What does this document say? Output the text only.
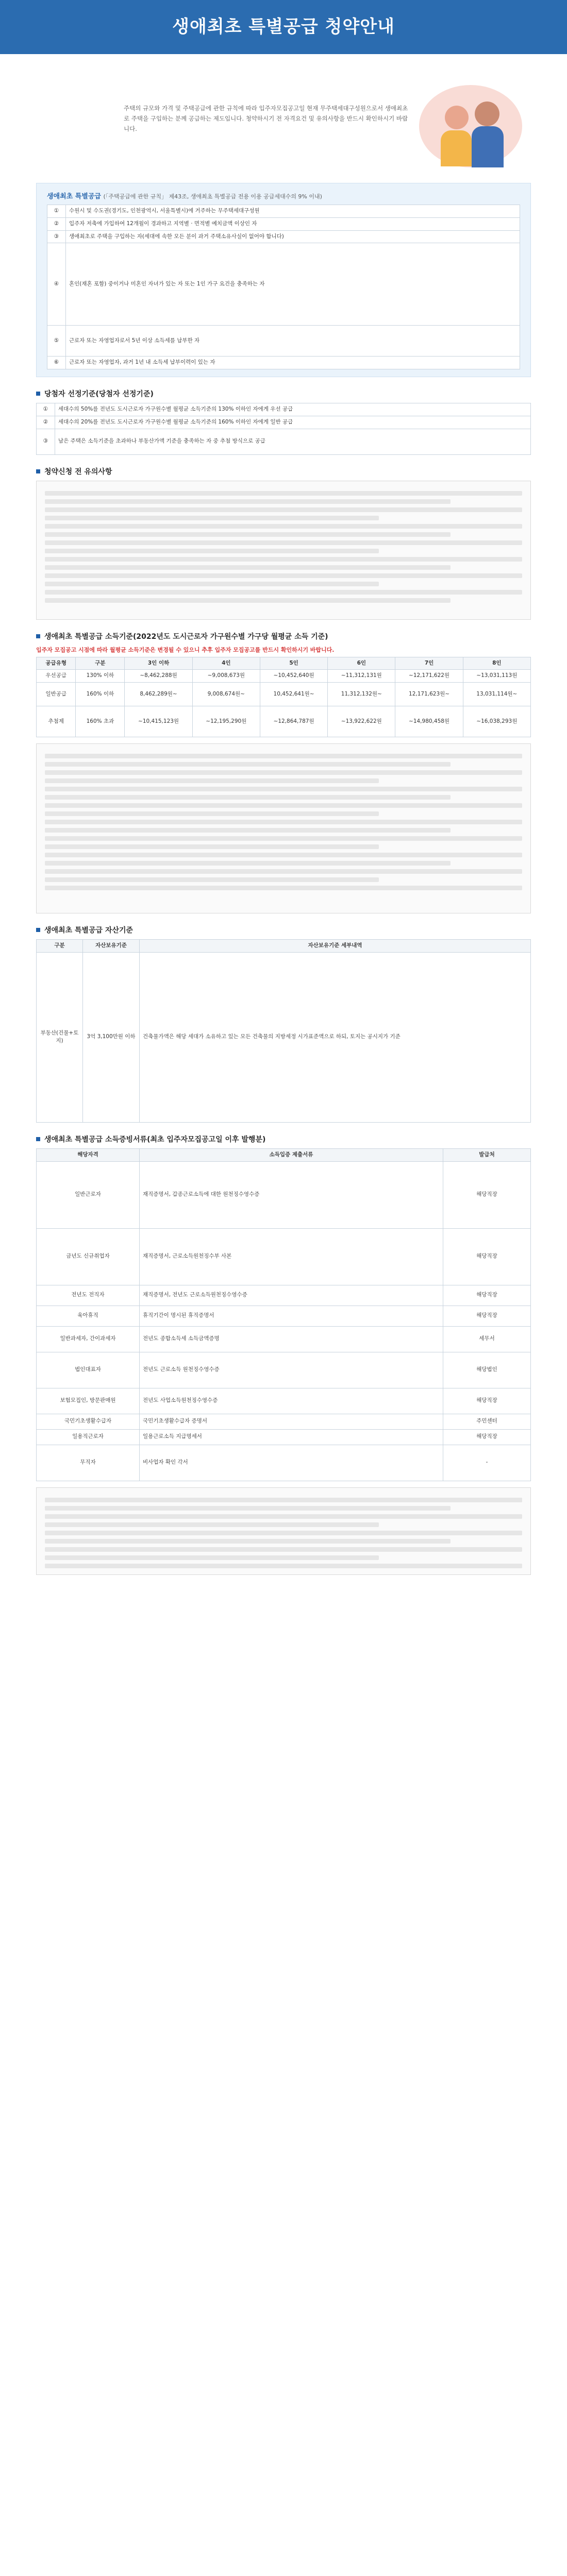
생애최초 특별공급 청약안내
주택의 규모와 가격 및 주택공급에 관한 규칙에 따라 입주자모집공고일 현재 무주택세대구성원으로서 생애최초로 주택을 구입하는 분께 공급하는 제도입니다. 청약하시기 전 자격요건 및 유의사항을 반드시 확인하시기 바랍니다.
생애최초 특별공급 (「주택공급에 관한 규칙」 제43조, 생애최초 특별공급 전용 이용 공급세대수의 9% 이내)
①	수원시 및 수도권(경기도, 인천광역시, 서울특별시)에 거주하는 무주택세대구성원
②	입주자 저축에 가입하여 12개월이 경과하고 지역별 · 면적별 예치금액 이상인 자
③	생애최초로 주택을 구입하는 자(세대에 속한 모든 분이 과거 주택소유사실이 없어야 합니다)
④	혼인(재혼 포함) 중이거나 미혼인 자녀가 있는 자 또는 1인 가구 요건을 충족하는 자
⑤	근로자 또는 자영업자로서 5년 이상 소득세를 납부한 자
⑥	근로자 또는 자영업자, 과거 1년 내 소득세 납부이력이 있는 자
당첨자 선정기준(당첨자 선정기준)
①	세대수의 50%를 전년도 도시근로자 가구원수별 월평균 소득기준의 130% 이하인 자에게 우선 공급
②	세대수의 20%를 전년도 도시근로자 가구원수별 월평균 소득기준의 160% 이하인 자에게 일반 공급
③	남은 주택은 소득기준을 초과하나 부동산가액 기준을 충족하는 자 중 추첨 방식으로 공급
청약신청 전 유의사항
생애최초 특별공급 소득기준(2022년도 도시근로자 가구원수별 가구당 월평균 소득 기준)
입주자 모집공고 시점에 따라 월평균 소득기준은 변경될 수 있으니 추후 입주자 모집공고를 반드시 확인하시기 바랍니다.
공급유형	구분	3인 이하	4인	5인	6인	7인	8인
우선공급	130% 이하	~8,462,288원	~9,008,673원	~10,452,640원	~11,312,131원	~12,171,622원	~13,031,113원
일반공급	160% 이하	8,462,289원~	9,008,674원~	10,452,641원~	11,312,132원~	12,171,623원~	13,031,114원~
추첨제	160% 초과	~10,415,123원	~12,195,290원	~12,864,787원	~13,922,622원	~14,980,458원	~16,038,293원
생애최초 특별공급 자산기준
구분	자산보유기준	자산보유기준 세부내역
부동산(건물+토지)	3억 3,100만원 이하	건축물가액은 해당 세대가 소유하고 있는 모든 건축물의 지방세정 시가표준액으로 하되, 토지는 공시지가 기준
생애최초 특별공급 소득증빙서류(최초 입주자모집공고일 이후 발행분)
해당자격	소득입증 제출서류	발급처
일반근로자	재직증명서, 갑종근로소득에 대한 원천징수영수증	해당직장
금년도 신규취업자	재직증명서, 근로소득원천징수부 사본	해당직장
전년도 전직자	재직증명서, 전년도 근로소득원천징수영수증	해당직장
육아휴직	휴직기간이 명시된 휴직증명서	해당직장
일반과세자, 간이과세자	전년도 종합소득세 소득금액증명	세무서
법인대표자	전년도 근로소득 원천징수영수증	해당법인
보험모집인, 방문판매원	전년도 사업소득원천징수영수증	해당직장
국민기초생활수급자	국민기초생활수급자 증명서	주민센터
일용직근로자	일용근로소득 지급명세서	해당직장
무직자	비사업자 확인 각서	-
